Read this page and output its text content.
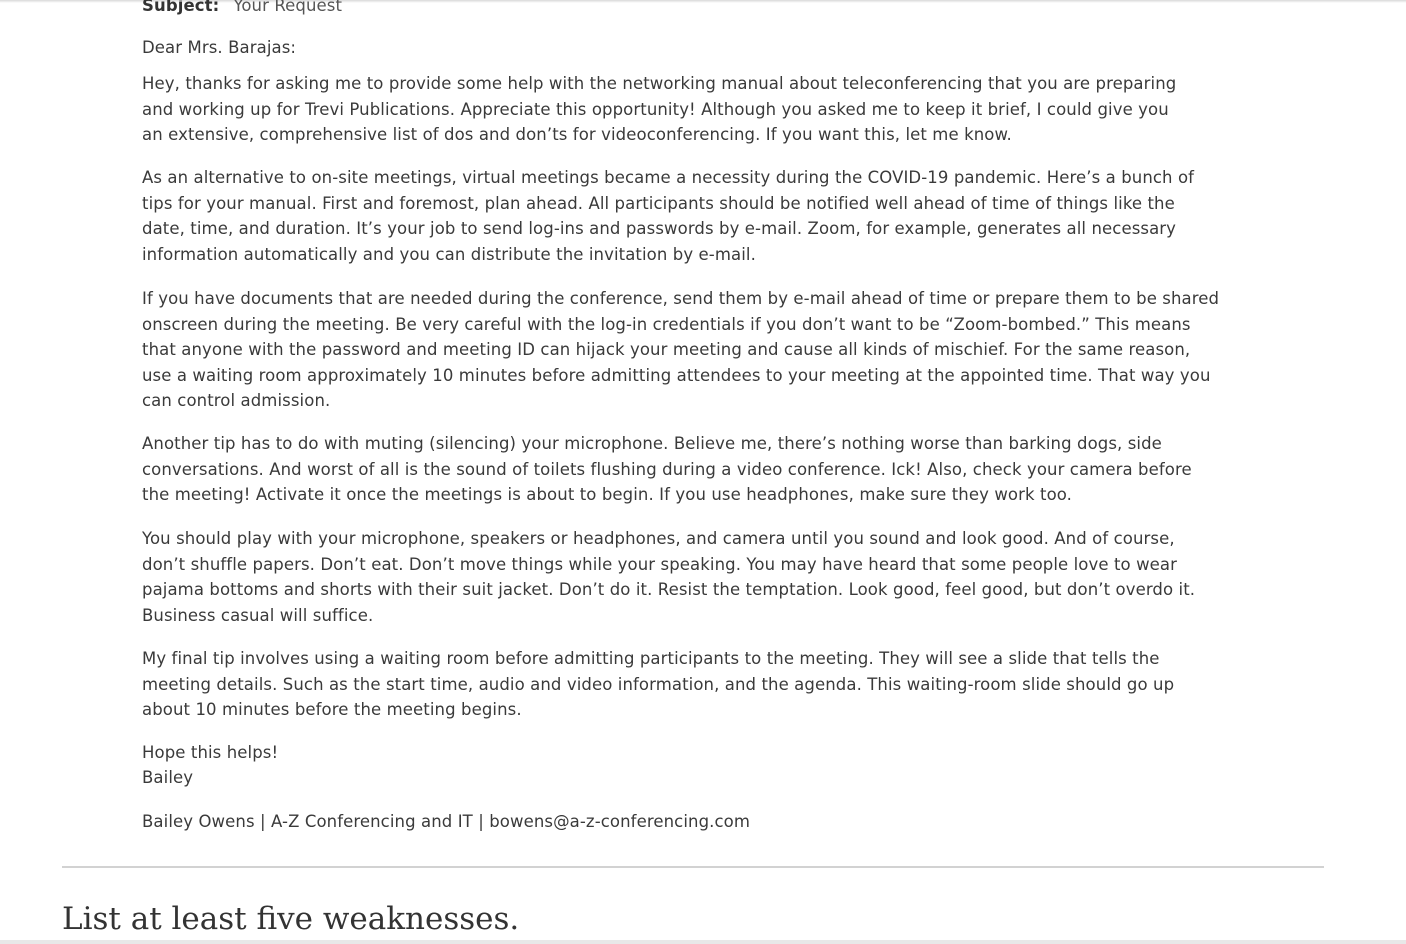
Subject: Your Request
Dear Mrs. Barajas:

Hey, thanks for asking me to provide some help with the networking manual about teleconferencing that you are preparing
and working up for Trevi Publications. Appreciate this opportunity! Although you asked me to keep it brief, I could give you
an extensive, comprehensive list of dos and don’ts for videoconferencing. If you want this, let me know.

As an alternative to on-site meetings, virtual meetings became a necessity during the COVID-19 pandemic. Here’s a bunch of
tips for your manual. First and foremost, plan ahead. All participants should be notified well ahead of time of things like the
date, time, and duration. It’s your job to send log-ins and passwords by e-mail. Zoom, for example, generates all necessary
information automatically and you can distribute the invitation by e-mail.

If you have documents that are needed during the conference, send them by e-mail ahead of time or prepare them to be shared
onscreen during the meeting. Be very careful with the log-in credentials if you don’t want to be “Zoom-bombed.” This means
that anyone with the password and meeting ID can hijack your meeting and cause all kinds of mischief. For the same reason,
use a waiting room approximately 10 minutes before admitting attendees to your meeting at the appointed time. That way you
can control admission.

Another tip has to do with muting (silencing) your microphone. Believe me, there’s nothing worse than barking dogs, side
conversations. And worst of all is the sound of toilets flushing during a video conference. Ick! Also, check your camera before
the meeting! Activate it once the meetings is about to begin. If you use headphones, make sure they work too.

You should play with your microphone, speakers or headphones, and camera until you sound and look good. And of course,
don’t shuffle papers. Don’t eat. Don’t move things while your speaking. You may have heard that some people love to wear
pajama bottoms and shorts with their suit jacket. Don’t do it. Resist the temptation. Look good, feel good, but don’t overdo it.
Business casual will suffice.

My final tip involves using a waiting room before admitting participants to the meeting. They will see a slide that tells the
meeting details. Such as the start time, audio and video information, and the agenda. This waiting-room slide should go up
about 10 minutes before the meeting begins.

Hope this helps!
Bailey
Bailey Owens | A-Z Conferencing and IT | bowens@a-z-conferencing.com
List at least five weaknesses.
